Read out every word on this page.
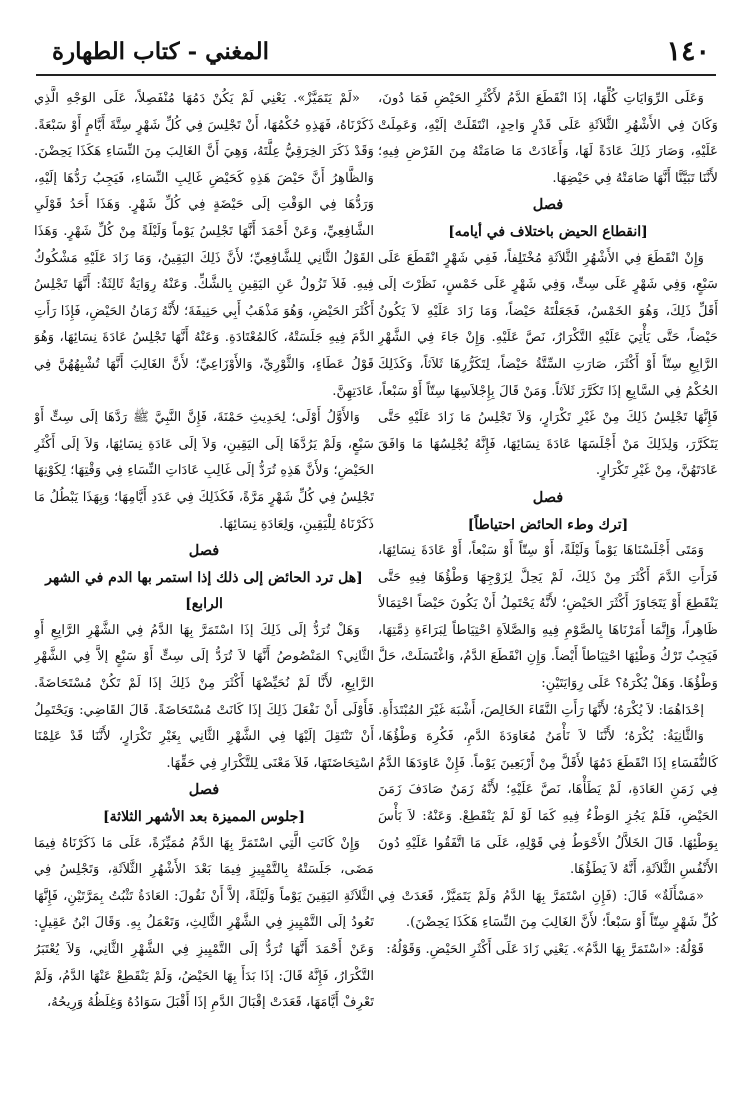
١٤٠
المغني - كتاب الطهارة

وَعَلَى الرِّوَايَاتِ كُلِّهَا، إذَا انْقَطَعَ الدَّمُ لأَكْثَرِ الحَيْضِ فَمَا دُونَ، وَكَانَ فِي الأَشْهُرِ الثَّلاَثَةِ عَلَى قَدْرٍ وَاحِدٍ، انْتَقَلَتْ إلَيْهِ، وَعَمِلَتْ عَلَيْهِ، وَصَارَ ذَلِكَ عَادَةً لَهَا، وَأَعَادَتْ مَا صَامَتْهُ مِنَ الفَرْضِ فِيهِ؛ لأَنَّنَا تَبَيَّنَّا أَنَّهَا صَامَتْهُ فِي حَيْضِهَا.

فصل

[انقطاع الحيض باختلاف في أيامه]

وَإِنْ انْقَطَعَ فِي الأَشْهُرِ الثَّلاَثَةِ مُخْتَلِفاً، فَفِي شَهْرٍ انْقَطَعَ عَلَى سَبْعٍ، وَفِي شَهْرٍ عَلَى سِتٍّ، وَفِي شَهْرٍ عَلَى خَمْسٍ، نَظَرْتَ إلَى أَقَلِّ ذَلِكَ، وَهُوَ الخَمْسُ، فَجَعَلْتَهُ حَيْضاً، وَمَا زَادَ عَلَيْهِ لاَ يَكُونُ حَيْضاً، حَتَّى يَأْتِيَ عَلَيْهِ التَّكْرَارُ، نَصَّ عَلَيْهِ. وَإِنْ جَاءَ فِي الشَّهْرِ الرَّابِعِ سِتّاً أَوْ أَكْثَرَ، صَارَتِ السِّتَّةُ حَيْضاً، لِتَكَرُّرِهَا ثَلاَثاً، وَكَذَلِكَ الحُكْمُ فِي السَّابِعِ إذَا تَكَرَّرَ ثَلاَثاً. وَمَنْ قَالَ بِإِجْلاَسِهَا سِتّاً أَوْ سَبْعاً، فَإِنَّهَا تَجْلِسُ ذَلِكَ مِنْ غَيْرِ تَكْرَارٍ، وَلاَ تَجْلِسُ مَا زَادَ عَلَيْهِ حَتَّى يَتَكَرَّرَ، وَلِذَلِكَ مَنْ أَجْلَسَهَا عَادَةَ نِسَائِهَا، فَإِنَّهُ يُجْلِسُهَا مَا وَافَقَ عَادَتَهُنَّ، مِنْ غَيْرِ تَكْرَارٍ.

فصل

[ترك وطء الحائض احتياطاً]

وَمَتَى أَجْلَسْنَاهَا يَوْماً وَلَيْلَةً، أَوْ سِتّاً أَوْ سَبْعاً، أَوْ عَادَةَ نِسَائِهَا، فَرَأَتِ الدَّمَ أَكْثَرَ مِنْ ذَلِكَ، لَمْ يَحِلَّ لِزَوْجِهَا وَطْؤُهَا فِيهِ حَتَّى يَنْقَطِعَ أَوْ يَتَجَاوَزَ أَكْثَرَ الحَيْضِ؛ لأَنَّهُ يَحْتَمِلُ أَنْ يَكُونَ حَيْضاً احْتِمَالاً ظَاهِراً، وَإِنَّمَا أَمَرْنَاهَا بِالصَّوْمِ فِيهِ وَالصَّلاَةِ احْتِيَاطاً لِبَرَاءَةِ ذِمَّتِهَا، فَيَجِبُ تَرْكُ وَطْئِهَا احْتِيَاطاً أَيْضاً. وَإِنِ انْقَطَعَ الدَّمُ، وَاغْتَسَلَتْ، حَلَّ وَطْؤُهَا. وَهَلْ يُكْرَهُ؟ عَلَى رِوَايَتَيْنِ:

إحْدَاهُمَا: لاَ يُكْرَهُ؛ لأَنَّهَا رَأَتِ النَّقَاءَ الخَالِصَ، أَشْبَهَ غَيْرَ المُبْتَدَأَةِ.

وَالثَّانِيَةُ: يُكْرَهُ؛ لأَنَّنَا لاَ نَأْمَنُ مُعَاوَدَةَ الدَّمِ، فَكُرِهَ وَطْؤُهَا، كَالنُّفَسَاءِ إذَا انْقَطَعَ دَمُهَا لأَقَلَّ مِنْ أَرْبَعِينَ يَوْماً. فَإِنْ عَاوَدَهَا الدَّمُ فِي زَمَنِ العَادَةِ، لَمْ يَطَأْهَا، نَصَّ عَلَيْهِ؛ لأَنَّهُ زَمَنٌ صَادَفَ زَمَنَ الحَيْضِ، فَلَمْ يَجُزِ الوَطْءُ فِيهِ كَمَا لَوْ لَمْ يَنْقَطِعْ. وَعَنْهُ: لاَ بَأْسَ بِوَطْئِهَا. قَالَ الخَلاَّلُ الأَحْوَطُ فِي قَوْلِهِ، عَلَى مَا اتَّفَقُوا عَلَيْهِ دُونَ الأَنْفُسِ الثَّلاَثَةِ، أَنَّهُ لاَ يَطَؤُهَا.

«مَسْأَلَةٌ» قَالَ: (فَإِنِ اسْتَمَرَّ بِهَا الدَّمُ وَلَمْ يَتَمَيَّزْ، قَعَدَتْ فِي كُلِّ شَهْرٍ سِتّاً أَوْ سَبْعاً؛ لأَنَّ الغَالِبَ مِنَ النِّسَاءِ هَكَذَا يَحِضْنَ).

قَوْلُهُ: «اسْتَمَرَّ بِهَا الدَّمُ». يَعْنِي زَادَ عَلَى أَكْثَرِ الحَيْضِ. وَقَوْلُهُ:

«لَمْ يَتَمَيَّزْ». يَعْنِي لَمْ يَكُنْ دَمُهَا مُنْفَصِلاً، عَلَى الوَجْهِ الَّذِي ذَكَرْنَاهُ، فَهَذِهِ حُكْمُهَا، أَنْ تَجْلِسَ فِي كُلِّ شَهْرٍ سِتَّةَ أَيَّامٍ أَوْ سَبْعَةً. وَقَدْ ذَكَرَ الخِرَقِيُّ عِلَّتَهُ، وَهِيَ أَنَّ الغَالِبَ مِنَ النِّسَاءِ هَكَذَا يَحِضْنَ. وَالظَّاهِرُ أَنَّ حَيْضَ هَذِهِ كَحَيْضِ غَالِبِ النِّسَاءِ، فَيَجِبُ رَدُّهَا إلَيْهِ، وَرَدُّهَا فِي الوَقْتِ إلَى حَيْضَةٍ فِي كُلِّ شَهْرٍ. وَهَذَا أَحَدُ قَوْلَيِ الشَّافِعِيِّ، وَعَنْ أَحْمَدَ أَنَّهَا تَجْلِسُ يَوْماً وَلَيْلَةً مِنْ كُلِّ شَهْرٍ. وَهَذَا القَوْلُ الثَّانِي لِلشَّافِعِيِّ؛ لأَنَّ ذَلِكَ اليَقِينُ، وَمَا زَادَ عَلَيْهِ مَشْكُوكٌ فِيهِ. فَلاَ تَزُولُ عَنِ اليَقِينِ بِالشَّكِّ. وَعَنْهُ رِوَايَةٌ ثَالِثَةٌ: أَنَّهَا تَجْلِسُ أَكْثَرَ الحَيْضِ، وَهُوَ مَذْهَبُ أَبِي حَنِيفَةَ؛ لأَنَّهُ زَمَانُ الحَيْضِ، فَإِذَا رَأَتِ الدَّمَ فِيهِ جَلَسَتْهُ، كَالمُعْتَادَةِ. وَعَنْهُ أَنَّهَا تَجْلِسُ عَادَةَ نِسَائِهَا، وَهُوَ قَوْلُ عَطَاءٍ، وَالثَّوْرِيِّ، وَالأَوْزَاعِيِّ؛ لأَنَّ الغَالِبَ أَنَّهَا تُشْبِهُهُنَّ فِي عَادَتِهِنَّ.

وَالأَوَّلُ أَوْلَى؛ لِحَدِيثِ حَمْنَةَ، فَإِنَّ النَّبِيَّ ﷺ رَدَّهَا إلَى سِتٍّ أَوْ سَبْعٍ، وَلَمْ يَرُدَّهَا إلَى اليَقِينِ، وَلاَ إلَى عَادَةِ نِسَائِهَا، وَلاَ إلَى أَكْثَرِ الحَيْضِ؛ وَلأَنَّ هَذِهِ تُرَدُّ إلَى غَالِبِ عَادَاتِ النِّسَاءِ فِي وَقْتِهَا؛ لِكَوْنِهَا تَجْلِسُ فِي كُلِّ شَهْرٍ مَرَّةً، فَكَذَلِكَ فِي عَدَدِ أَيَّامِهَا؛ وَبِهَذَا يَبْطُلُ مَا ذَكَرْنَاهُ لِلْيَقِينِ، وَلِعَادَةِ نِسَائِهَا.

فصل

[هل ترد الحائض إلى ذلك إذا استمر بها الدم في الشهر الرابع]

وَهَلْ تُرَدُّ إلَى ذَلِكَ إذَا اسْتَمَرَّ بِهَا الدَّمُ فِي الشَّهْرِ الرَّابِعِ أَوِ الثَّانِي؟ المَنْصُوصُ أَنَّهَا لاَ تُرَدُّ إلَى سِتٍّ أَوْ سَبْعٍ إلاَّ فِي الشَّهْرِ الرَّابِعِ، لأَنَّا لَمْ نُحَيِّضْهَا أَكْثَرَ مِنْ ذَلِكَ إذَا لَمْ تَكُنْ مُسْتَحَاضَةً. فَأَوْلَى أَنْ نَفْعَلَ ذَلِكَ إذَا كَانَتْ مُسْتَحَاضَةً. قَالَ القَاضِي: وَيَحْتَمِلُ أَنْ تَنْتَقِلَ إلَيْهَا فِي الشَّهْرِ الثَّانِي بِغَيْرِ تَكْرَارٍ، لأَنَّنَا قَدْ عَلِمْنَا اسْتِحَاضَتَهَا، فَلاَ مَعْنَى لِلتَّكْرَارِ فِي حَقِّهَا.

فصل

[جلوس المميزة بعد الأشهر الثلاثة]

وَإِنْ كَانَتِ الَّتِي اسْتَمَرَّ بِهَا الدَّمُ مُمَيِّزَةً، عَلَى مَا ذَكَرْنَاهُ فِيمَا مَضَى، جَلَسَتْهُ بِالتَّمْيِيزِ فِيمَا بَعْدَ الأَشْهُرِ الثَّلاَثَةِ، وَتَجْلِسُ فِي الثَّلاَثَةِ اليَقِينَ يَوْماً وَلَيْلَةً، إلاَّ أَنْ نَقُولَ: العَادَةُ تَثْبُتُ بِمَرَّتَيْنِ، فَإِنَّهَا تَعُودُ إلَى التَّمْيِيزِ فِي الشَّهْرِ الثَّالِثِ، وَتَعْمَلُ بِهِ. وَقَالَ ابْنُ عَقِيلٍ: وَعَنْ أَحْمَدَ أَنَّهَا تُرَدُّ إلَى التَّمْيِيزِ فِي الشَّهْرِ الثَّانِي، وَلاَ يُعْتَبَرُ التَّكْرَارُ، فَإِنَّهُ قَالَ: إذَا بَدَأَ بِهَا الحَيْضُ، وَلَمْ يَنْقَطِعْ عَنْهَا الدَّمُ، وَلَمْ تَعْرِفْ أَيَّامَهَا، قَعَدَتْ إقْبَالَ الدَّمِ إذَا أَقْبَلَ سَوَادُهُ وَغِلَظُهُ وَرِيحُهُ،
